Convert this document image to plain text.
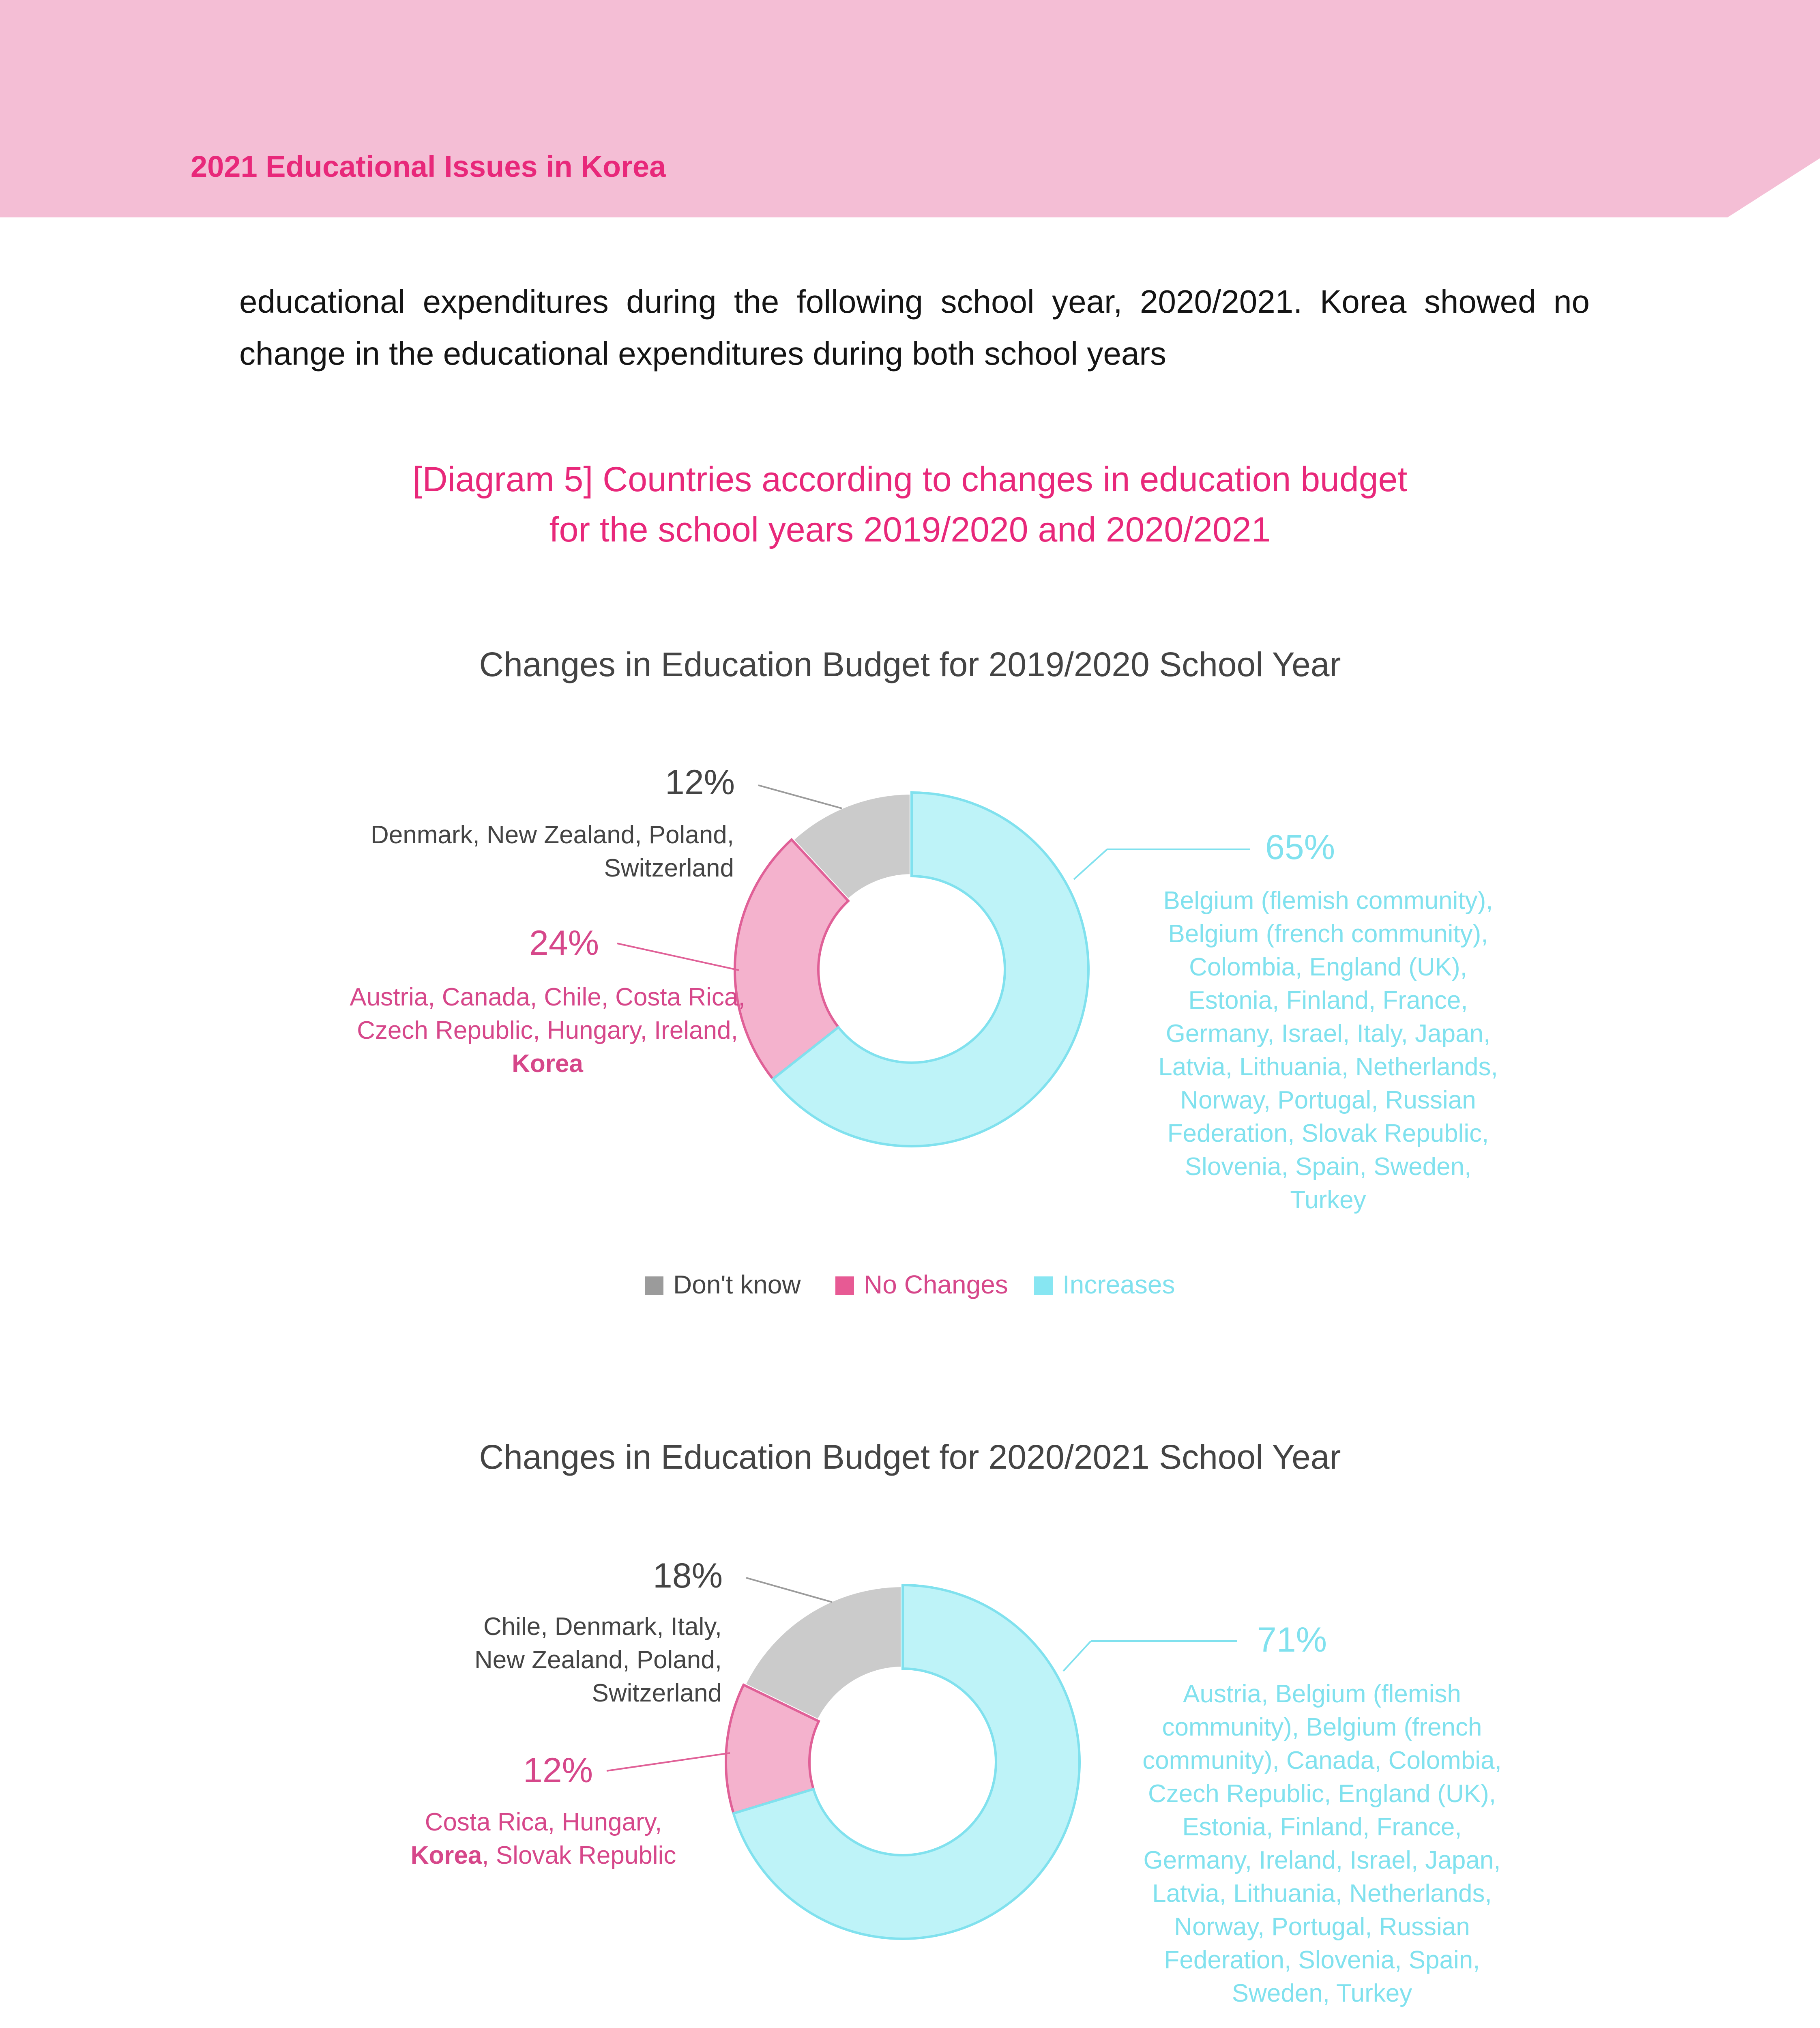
2021 Educational Issues in Korea
educational expenditures during the following school year, 2020/2021. Korea showed no change in the educational expenditures during both school years
[Diagram 5] Countries according to changes in education budget
for the school years 2019/2020 and 2020/2021
Changes in Education Budget for 2019/2020 School Year
12%
Denmark, New Zealand, Poland, Switzerland
24%
Austria, Canada, Chile, Costa Rica, Czech Republic, Hungary, Ireland, Korea
65%
Belgium (flemish community), Belgium (french community), Colombia, England (UK), Estonia, Finland, France, Germany, Israel, Italy, Japan, Latvia, Lithuania, Netherlands, Norway, Portugal, Russian Federation, Slovak Republic, Slovenia, Spain, Sweden, Turkey
Don't know	No Changes	Increases
Changes in Education Budget for 2020/2021 School Year
18%
Chile, Denmark, Italy, New Zealand, Poland, Switzerland
12%
Costa Rica, Hungary,
Korea, Slovak Republic
71%
Austria, Belgium (flemish community), Belgium (french community), Canada, Colombia, Czech Republic, England (UK), Estonia, Finland, France, Germany, Ireland, Israel, Japan, Latvia, Lithuania, Netherlands, Norway, Portugal, Russian Federation, Slovenia, Spain, Sweden, Turkey
